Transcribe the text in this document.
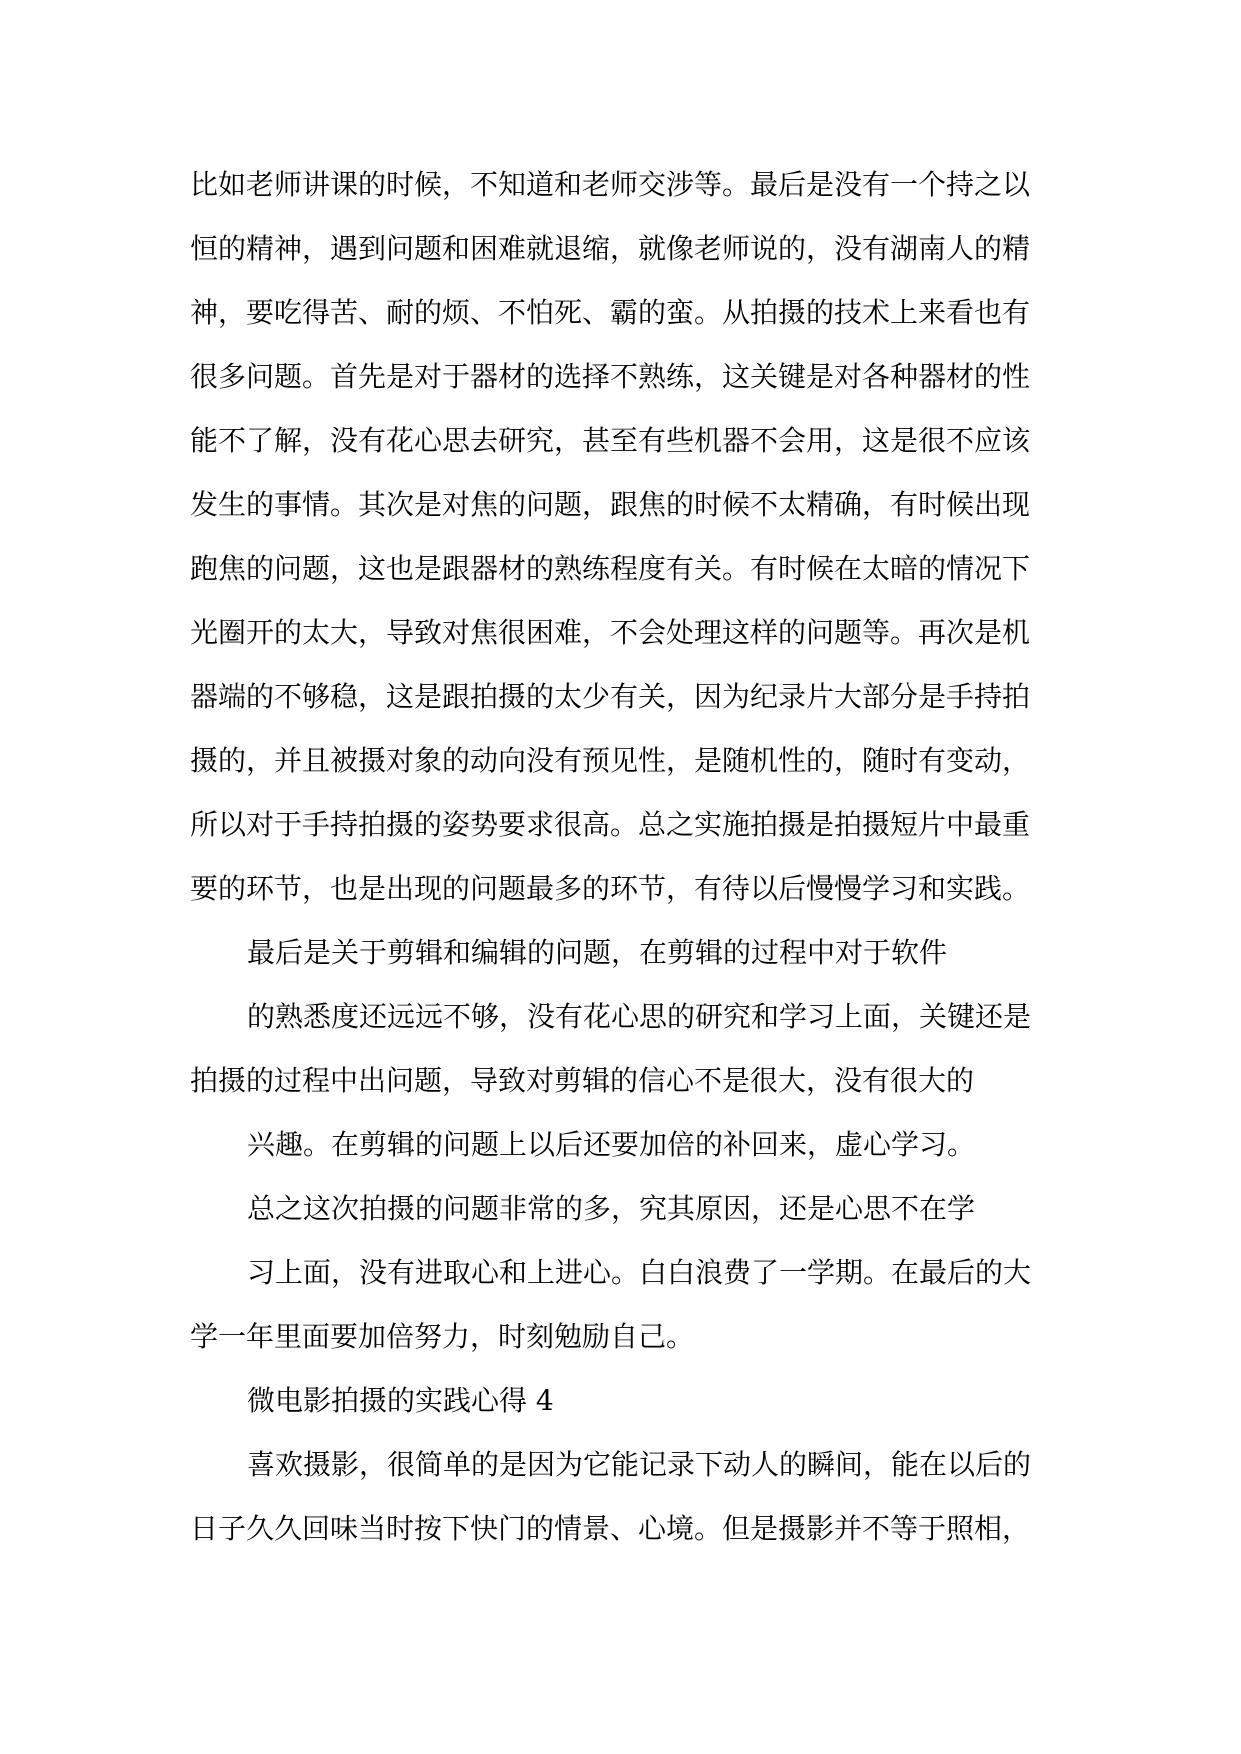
比如老师讲课的时候，不知道和老师交涉等。最后是没有一个持之以
恒的精神，遇到问题和困难就退缩，就像老师说的，没有湖南人的精
神，要吃得苦、耐的烦、不怕死、霸的蛮。从拍摄的技术上来看也有
很多问题。首先是对于器材的选择不熟练，这关键是对各种器材的性
能不了解，没有花心思去研究，甚至有些机器不会用，这是很不应该
发生的事情。其次是对焦的问题，跟焦的时候不太精确，有时候出现
跑焦的问题，这也是跟器材的熟练程度有关。有时候在太暗的情况下
光圈开的太大，导致对焦很困难，不会处理这样的问题等。再次是机
器端的不够稳，这是跟拍摄的太少有关，因为纪录片大部分是手持拍
摄的，并且被摄对象的动向没有预见性，是随机性的，随时有变动，
所以对于手持拍摄的姿势要求很高。总之实施拍摄是拍摄短片中最重
要的环节，也是出现的问题最多的环节，有待以后慢慢学习和实践。
最后是关于剪辑和编辑的问题，在剪辑的过程中对于软件
的熟悉度还远远不够，没有花心思的研究和学习上面，关键还是
拍摄的过程中出问题，导致对剪辑的信心不是很大，没有很大的
兴趣。在剪辑的问题上以后还要加倍的补回来，虚心学习。
总之这次拍摄的问题非常的多，究其原因，还是心思不在学
习上面，没有进取心和上进心。白白浪费了一学期。在最后的大
学一年里面要加倍努力，时刻勉励自己。
微电影拍摄的实践心得 4
喜欢摄影，很简单的是因为它能记录下动人的瞬间，能在以后的
日子久久回味当时按下快门的情景、心境。但是摄影并不等于照相，
